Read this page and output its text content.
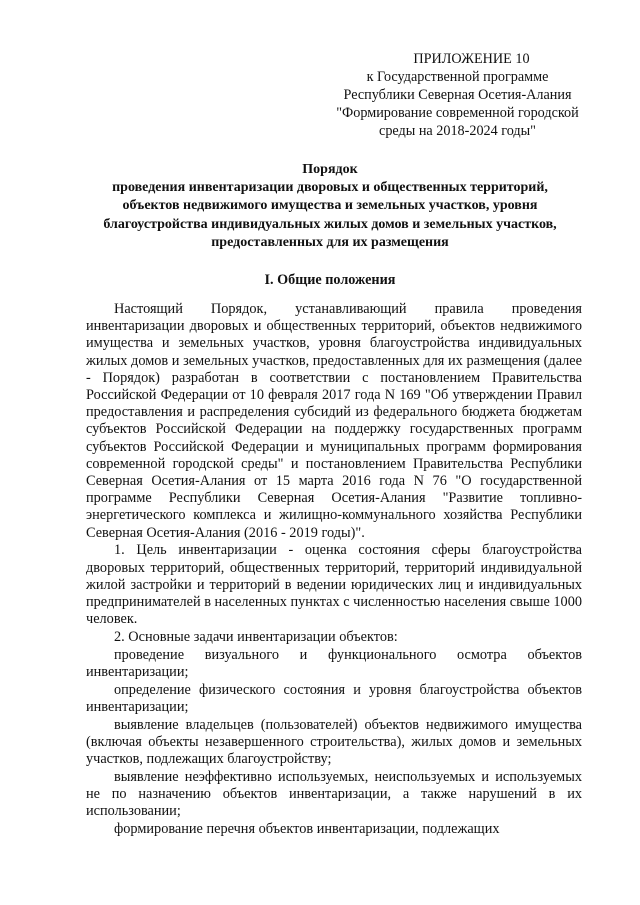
ПРИЛОЖЕНИЕ 10
к Государственной программе
Республики Северная Осетия-Алания
"Формирование современной городской
среды на 2018-2024 годы"
Порядок
проведения инвентаризации дворовых и общественных территорий,
объектов недвижимого имущества и земельных участков, уровня
благоустройства индивидуальных жилых домов и земельных участков,
предоставленных для их размещения
I. Общие положения

Настоящий Порядок, устанавливающий правила проведения инвентаризации дворовых и общественных территорий, объектов недвижимого имущества и земельных участков, уровня благоустройства индивидуальных жилых домов и земельных участков, предоставленных для их размещения (далее - Порядок) разработан в соответствии с постановлением Правительства Российской Федерации от 10 февраля 2017 года N 169 "Об утверждении Правил предоставления и распределения субсидий из федерального бюджета бюджетам субъектов Российской Федерации на поддержку государственных программ субъектов Российской Федерации и муниципальных программ формирования современной городской среды" и постановлением Правительства Республики Северная Осетия-Алания от 15 марта 2016 года N 76 "О государственной программе Республики Северная Осетия-Алания "Развитие топливно-энергетического комплекса и жилищно-коммунального хозяйства Республики Северная Осетия-Алания (2016 - 2019 годы)".

1. Цель инвентаризации - оценка состояния сферы благоустройства дворовых территорий, общественных территорий, территорий индивидуальной жилой застройки и территорий в ведении юридических лиц и индивидуальных предпринимателей в населенных пунктах с численностью населения свыше 1000 человек.

2. Основные задачи инвентаризации объектов:

проведение визуального и функционального осмотра объектов инвентаризации;

определение физического состояния и уровня благоустройства объектов инвентаризации;

выявление владельцев (пользователей) объектов недвижимого имущества (включая объекты незавершенного строительства), жилых домов и земельных участков, подлежащих благоустройству;

выявление неэффективно используемых, неиспользуемых и используемых не по назначению объектов инвентаризации, а также нарушений в их использовании;

формирование перечня объектов инвентаризации, подлежащих
